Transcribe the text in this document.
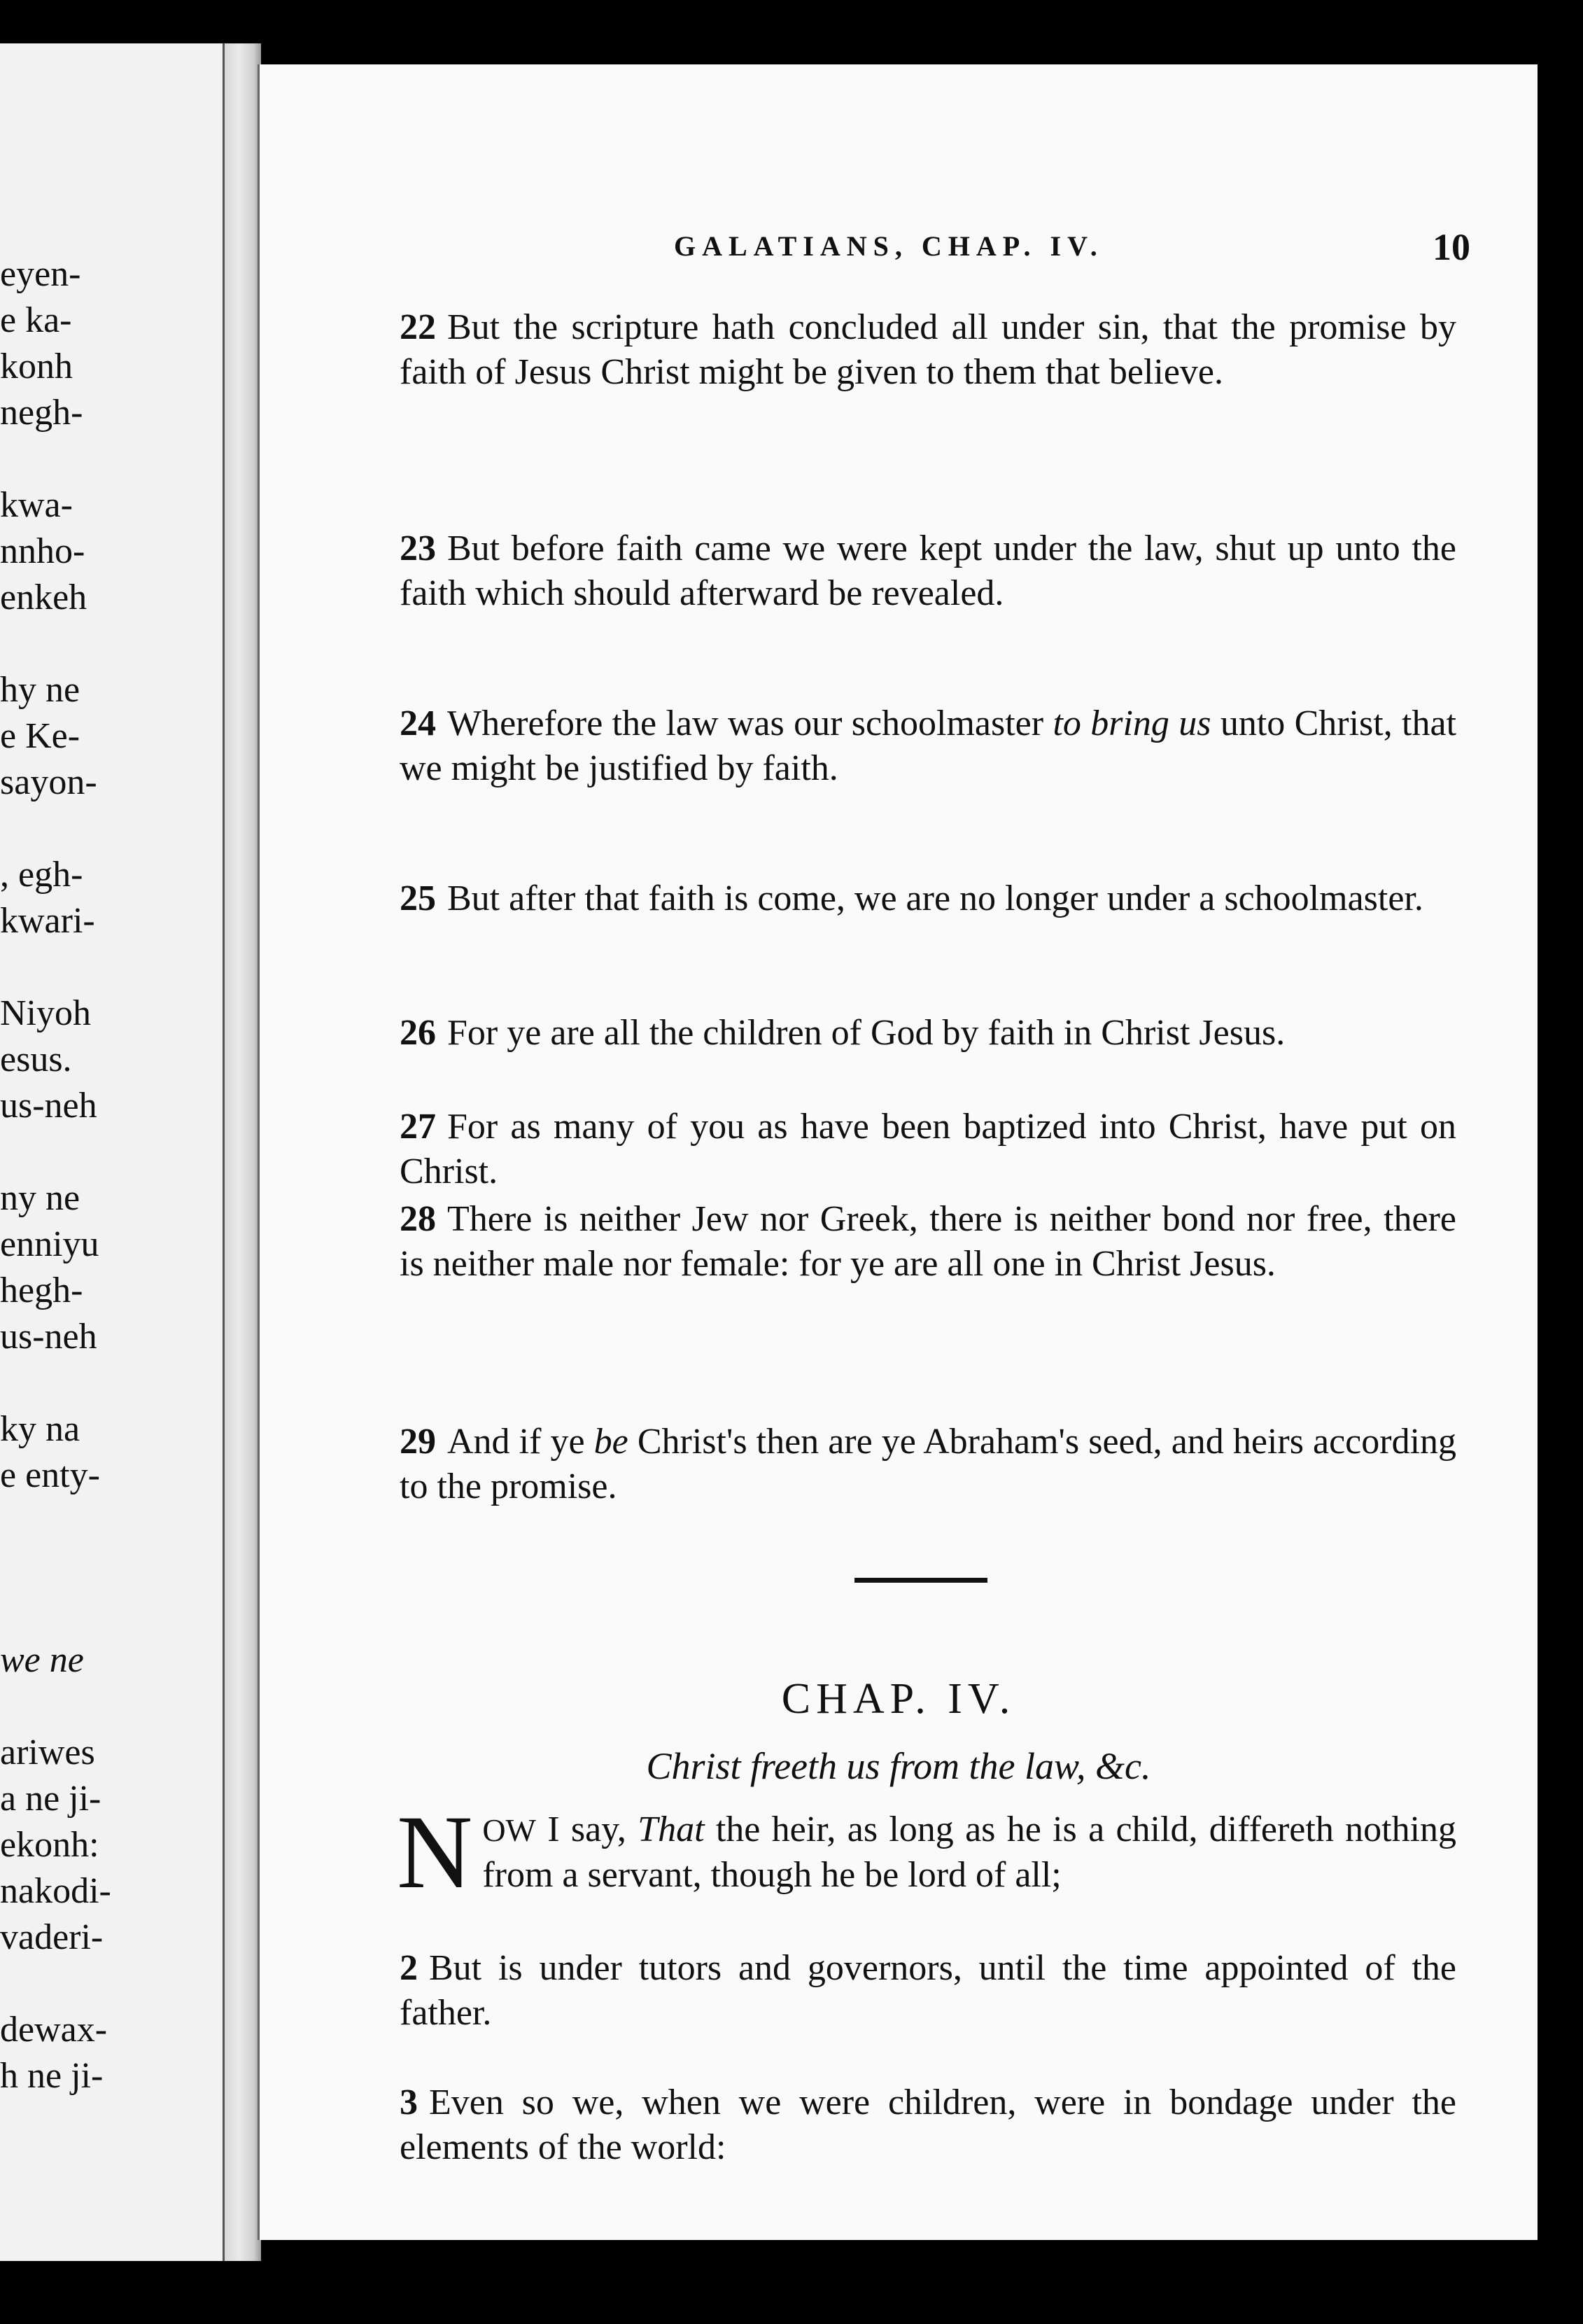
eyen-
e ka-
konh
negh-
kwa-
nnho-
enkeh
hy ne
e Ke-
sayon-
, egh-
kwari-
Niyoh
esus.
us-neh
ny ne
enniyu
hegh-
us-neh
ky na
e enty-
we ne
ariwes
a ne ji-
ekonh:
nakodi-
vaderi-
dewax-
h ne ji-
GALATIANS, CHAP. IV.	10
22 But the scripture hath concluded all under sin, that the promise by faith of Jesus Christ might be given to them that believe.
23 But before faith came we were kept under the law, shut up unto the faith which should afterward be revealed.
24 Wherefore the law was our schoolmaster to bring us unto Christ, that we might be justified by faith.
25 But after that faith is come, we are no longer under a schoolmaster.
26 For ye are all the children of God by faith in Christ Jesus.
27 For as many of you as have been baptized into Christ, have put on Christ.
28 There is neither Jew nor Greek, there is neither bond nor free, there is neither male nor female: for ye are all one in Christ Jesus.
29 And if ye be Christ's then are ye Abraham's seed, and heirs according to the promise.
CHAP. IV.
Christ freeth us from the law, &c.
NOW I say, That the heir, as long as he is a child, differeth nothing from a servant, though he be lord of all;
2 But is under tutors and governors, until the time appointed of the father.
3 Even so we, when we were children, were in bondage under the elements of the world:
